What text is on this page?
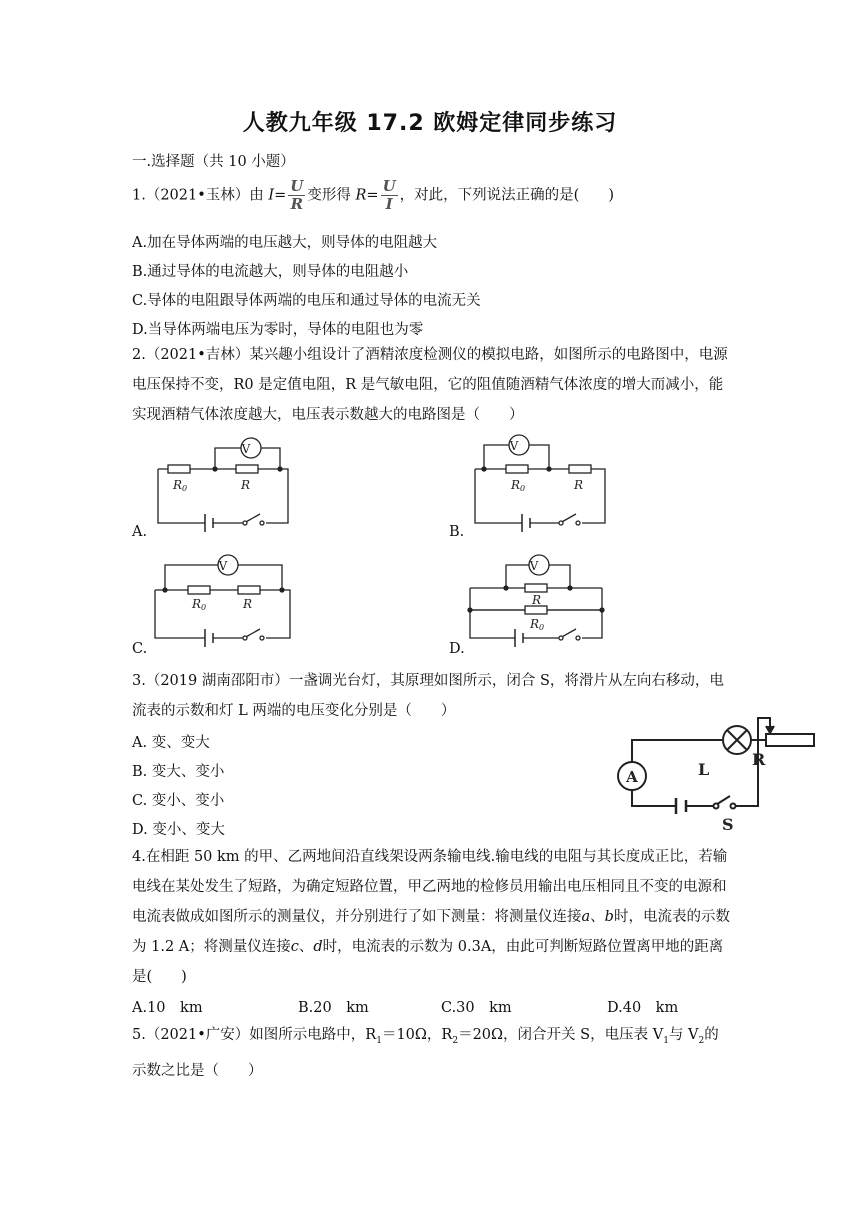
人教九年级 17.2 欧姆定律同步练习
一.选择题（共 10 小题）
1.（2021•玉林）由 $I= \frac{U}{R}$ 变形得 $R= \frac{U}{I}$ ，对此，下列说法正确的是(　　)
A.加在导体两端的电压越大，则导体的电阻越大
B.通过导体的电流越大，则导体的电阻越小
C.导体的电阻跟导体两端的电压和通过导体的电流无关
D.当导体两端电压为零时，导体的电阻也为零
2.（2021•吉林）某兴趣小组设计了酒精浓度检测仪的模拟电路，如图所示的电路图中，电源电压保持不变，R0 是定值电阻，R 是气敏电阻，它的阻值随酒精气体浓度的增大而减小，能实现酒精气体浓度越大，电压表示数越大的电路图是（　　）
V	V
V	V
R0	R	R0	R
R0	R	R
R0
A.	B.
C.	D.
3.（2019 湖南邵阳市）一盏调光台灯，其原理如图所示，闭合 S，将滑片从左向右移动，电流表的示数和灯 L 两端的电压变化分别是（　　）
A. 变、变大
B. 变大、变小
C. 变小、变小
D. 变小、变大
A	L
R
S
4.在相距 50 km 的甲、乙两地间沿直线架设两条输电线.输电线的电阻与其长度成正比，若输电线在某处发生了短路，为确定短路位置，甲乙两地的检修员用输出电压相同且不变的电源和电流表做成如图所示的测量仪，并分别进行了如下测量：将测量仪连接a、b时，电流表的示数为 1.2 A；将测量仪连接c、d时，电流表的示数为 0.3A，由此可判断短路位置离甲地的距离是(　　)
A.10　km	B.20　km	C.30　km	D.40　km
5.（2021•广安）如图所示电路中，$R_1=10\Omega$，$R_2=20\Omega$，闭合开关 S，电压表 $V_1$与 $V_2$的示数之比是（　　）
